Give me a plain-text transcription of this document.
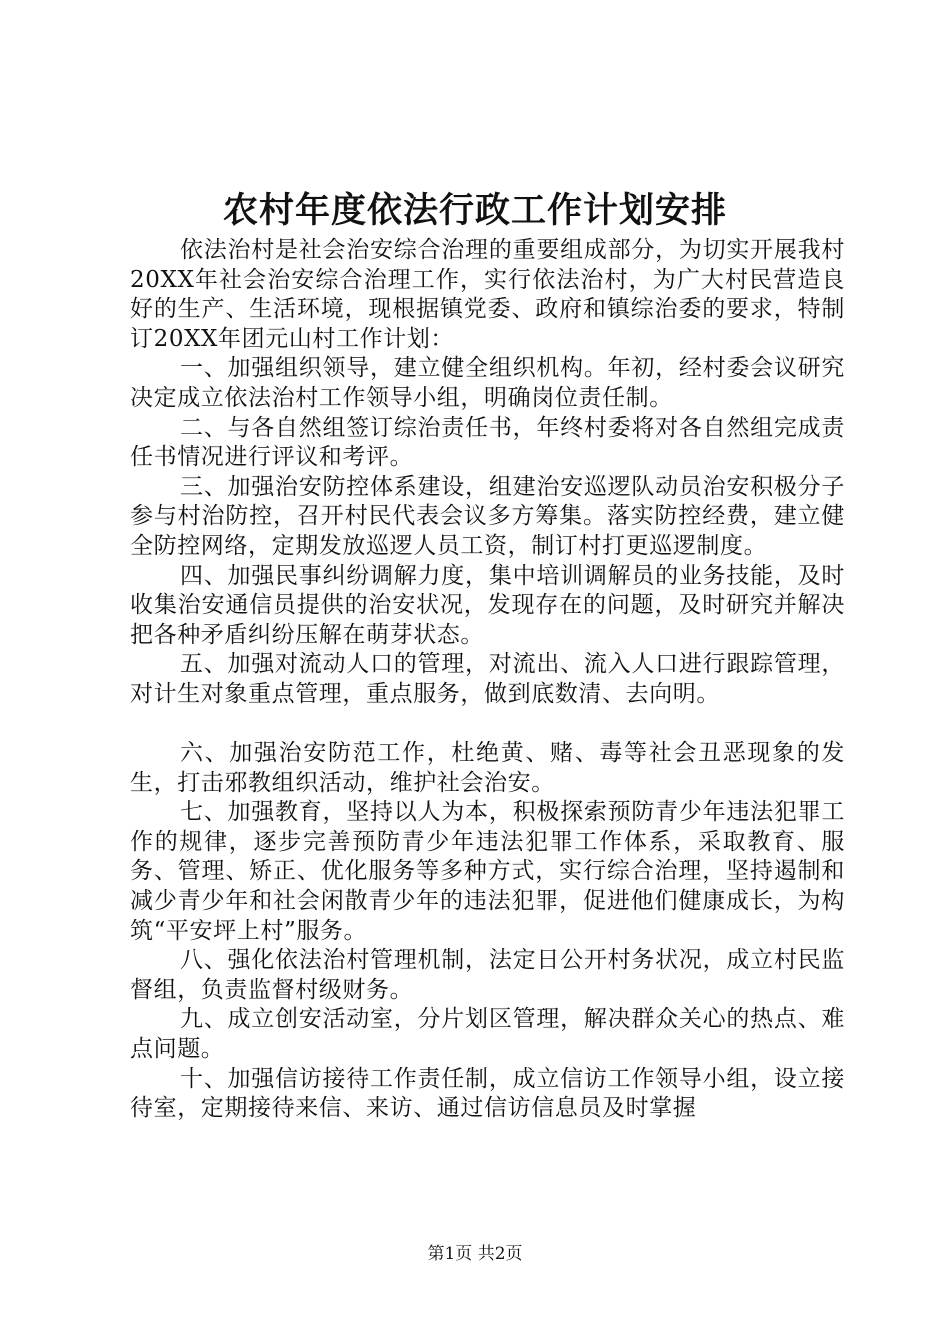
农村年度依法行政工作计划安排

依法治村是社会治安综合治理的重要组成部分，为切实开展我村20XX年社会治安综合治理工作，实行依法治村，为广大村民营造良好的生产、生活环境，现根据镇党委、政府和镇综治委的要求，特制订20XX年团元山村工作计划：

一、加强组织领导，建立健全组织机构。年初，经村委会议研究决定成立依法治村工作领导小组，明确岗位责任制。

二、与各自然组签订综治责任书，年终村委将对各自然组完成责任书情况进行评议和考评。

三、加强治安防控体系建设，组建治安巡逻队动员治安积极分子参与村治防控，召开村民代表会议多方筹集。落实防控经费，建立健全防控网络，定期发放巡逻人员工资，制订村打更巡逻制度。

四、加强民事纠纷调解力度，集中培训调解员的业务技能，及时收集治安通信员提供的治安状况，发现存在的问题，及时研究并解决把各种矛盾纠纷压解在萌芽状态。

五、加强对流动人口的管理，对流出、流入人口进行跟踪管理，对计生对象重点管理，重点服务，做到底数清、去向明。

六、加强治安防范工作，杜绝黄、赌、毒等社会丑恶现象的发生，打击邪教组织活动，维护社会治安。

七、加强教育，坚持以人为本，积极探索预防青少年违法犯罪工作的规律，逐步完善预防青少年违法犯罪工作体系，采取教育、服务、管理、矫正、优化服务等多种方式，实行综合治理，坚持遏制和减少青少年和社会闲散青少年的违法犯罪，促进他们健康成长，为构筑“平安坪上村”服务。

八、强化依法治村管理机制，法定日公开村务状况，成立村民监督组，负责监督村级财务。

九、成立创安活动室，分片划区管理，解决群众关心的热点、难点问题。

十、加强信访接待工作责任制，成立信访工作领导小组，设立接待室，定期接待来信、来访、通过信访信息员及时掌握

第1页 共2页
